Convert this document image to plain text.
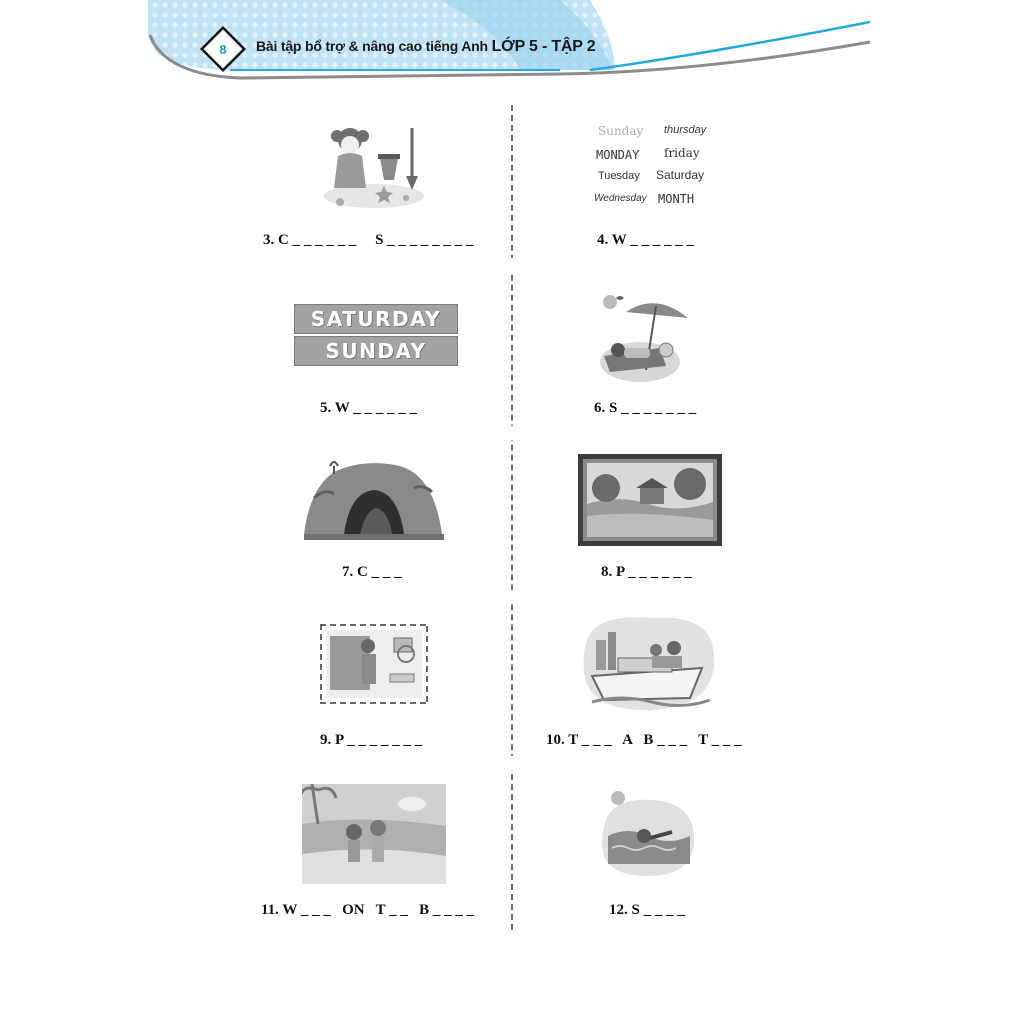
8	Bài tập bổ trợ & nâng cao tiếng Anh LỚP 5 - TẬP 2
3. C _ _ _ _ _ _     S _ _ _ _ _ _ _ _
Sunday thursday
MONDAY friday
Tuesday Saturday
Wednesday MONTH
4. W _ _ _ _ _ _
SATURDAY
SUNDAY
5. W _ _ _ _ _ _	6. S _ _ _ _ _ _ _
7. C _ _ _	8. P _ _ _ _ _ _
9. P _ _ _ _ _ _ _	10. T _ _ _   A   B _ _ _   T _ _ _
11. W _ _ _   ON   T _ _   B _ _ _ _	12. S _ _ _ _
